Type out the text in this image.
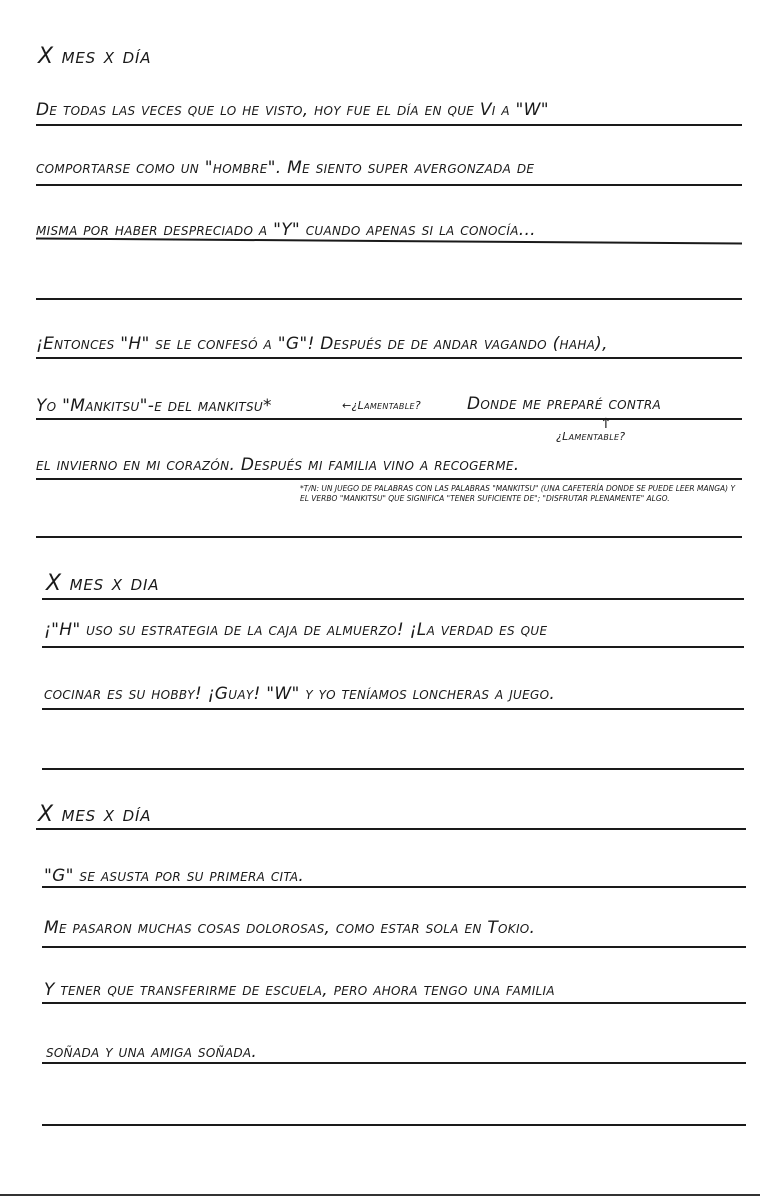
X mes x día
De todas las veces que lo he visto, hoy fue el día en que Vi a "W"
comportarse como un "hombre". Me siento super avergonzada de
misma por haber despreciado a "Y" cuando apenas si la conocía...
¡Entonces "H" se le confesó a "G"! Después de de andar vagando (haha),
Yo "Mankitsu"-e del mankitsu*	←¿Lamentable?	Donde me preparé contra
↑
¿Lamentable?
el invierno en mi corazón. Después mi familia vino a recogerme.
*T/N: UN JUEGO DE PALABRAS CON LAS PALABRAS "MANKITSU" (UNA CAFETERÍA DONDE SE PUEDE LEER MANGA) Y EL VERBO "MANKITSU" QUE SIGNIFICA "TENER SUFICIENTE DE"; "DISFRUTAR PLENAMENTE" ALGO.
X mes x dia
¡"H" uso su estrategia de la caja de almuerzo! ¡La verdad es que
cocinar es su hobby! ¡Guay! "W" y yo teníamos loncheras a juego.
X mes x día
"G" se asusta por su primera cita.
Me pasaron muchas cosas dolorosas, como estar sola en Tokio.
Y tener que transferirme de escuela, pero ahora tengo una familia
soñada y una amiga soñada.
